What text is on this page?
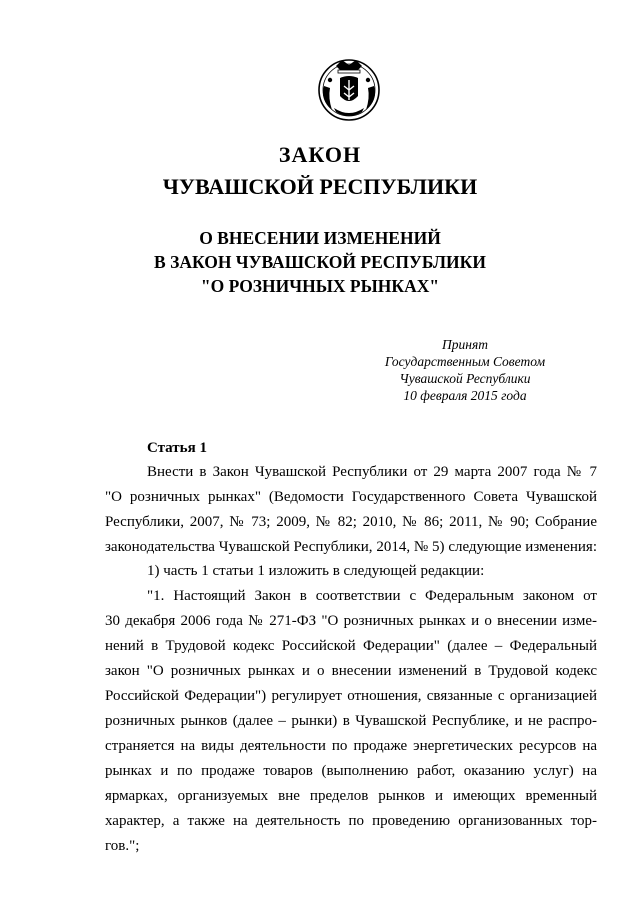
ЗАКОН
ЧУВАШСКОЙ РЕСПУБЛИКИ
О ВНЕСЕНИИ ИЗМЕНЕНИЙ
В ЗАКОН ЧУВАШСКОЙ РЕСПУБЛИКИ
"О РОЗНИЧНЫХ РЫНКАХ"
Принят
Государственным Советом
Чувашской Республики
10 февраля 2015 года
Статья 1
Внести в Закон Чувашской Республики от 29 марта 2007 года № 7
"О розничных рынках" (Ведомости Государственного Совета Чувашской
Республики, 2007, № 73; 2009, № 82; 2010, № 86; 2011, № 90; Собрание
законодательства Чувашской Республики, 2014, № 5) следующие изменения:
1) часть 1 статьи 1 изложить в следующей редакции:
"1. Настоящий Закон в соответствии с Федеральным законом от
30 декабря 2006 года № 271-ФЗ "О розничных рынках и о внесении изме-
нений в Трудовой кодекс Российской Федерации" (далее – Федеральный
закон "О розничных рынках и о внесении изменений в Трудовой кодекс
Российской Федерации") регулирует отношения, связанные с организацией
розничных рынков (далее – рынки) в Чувашской Республике, и не распро-
страняется на виды деятельности по продаже энергетических ресурсов на
рынках и по продаже товаров (выполнению работ, оказанию услуг) на
ярмарках, организуемых вне пределов рынков и имеющих временный
характер, а также на деятельность по проведению организованных тор-
гов.";
